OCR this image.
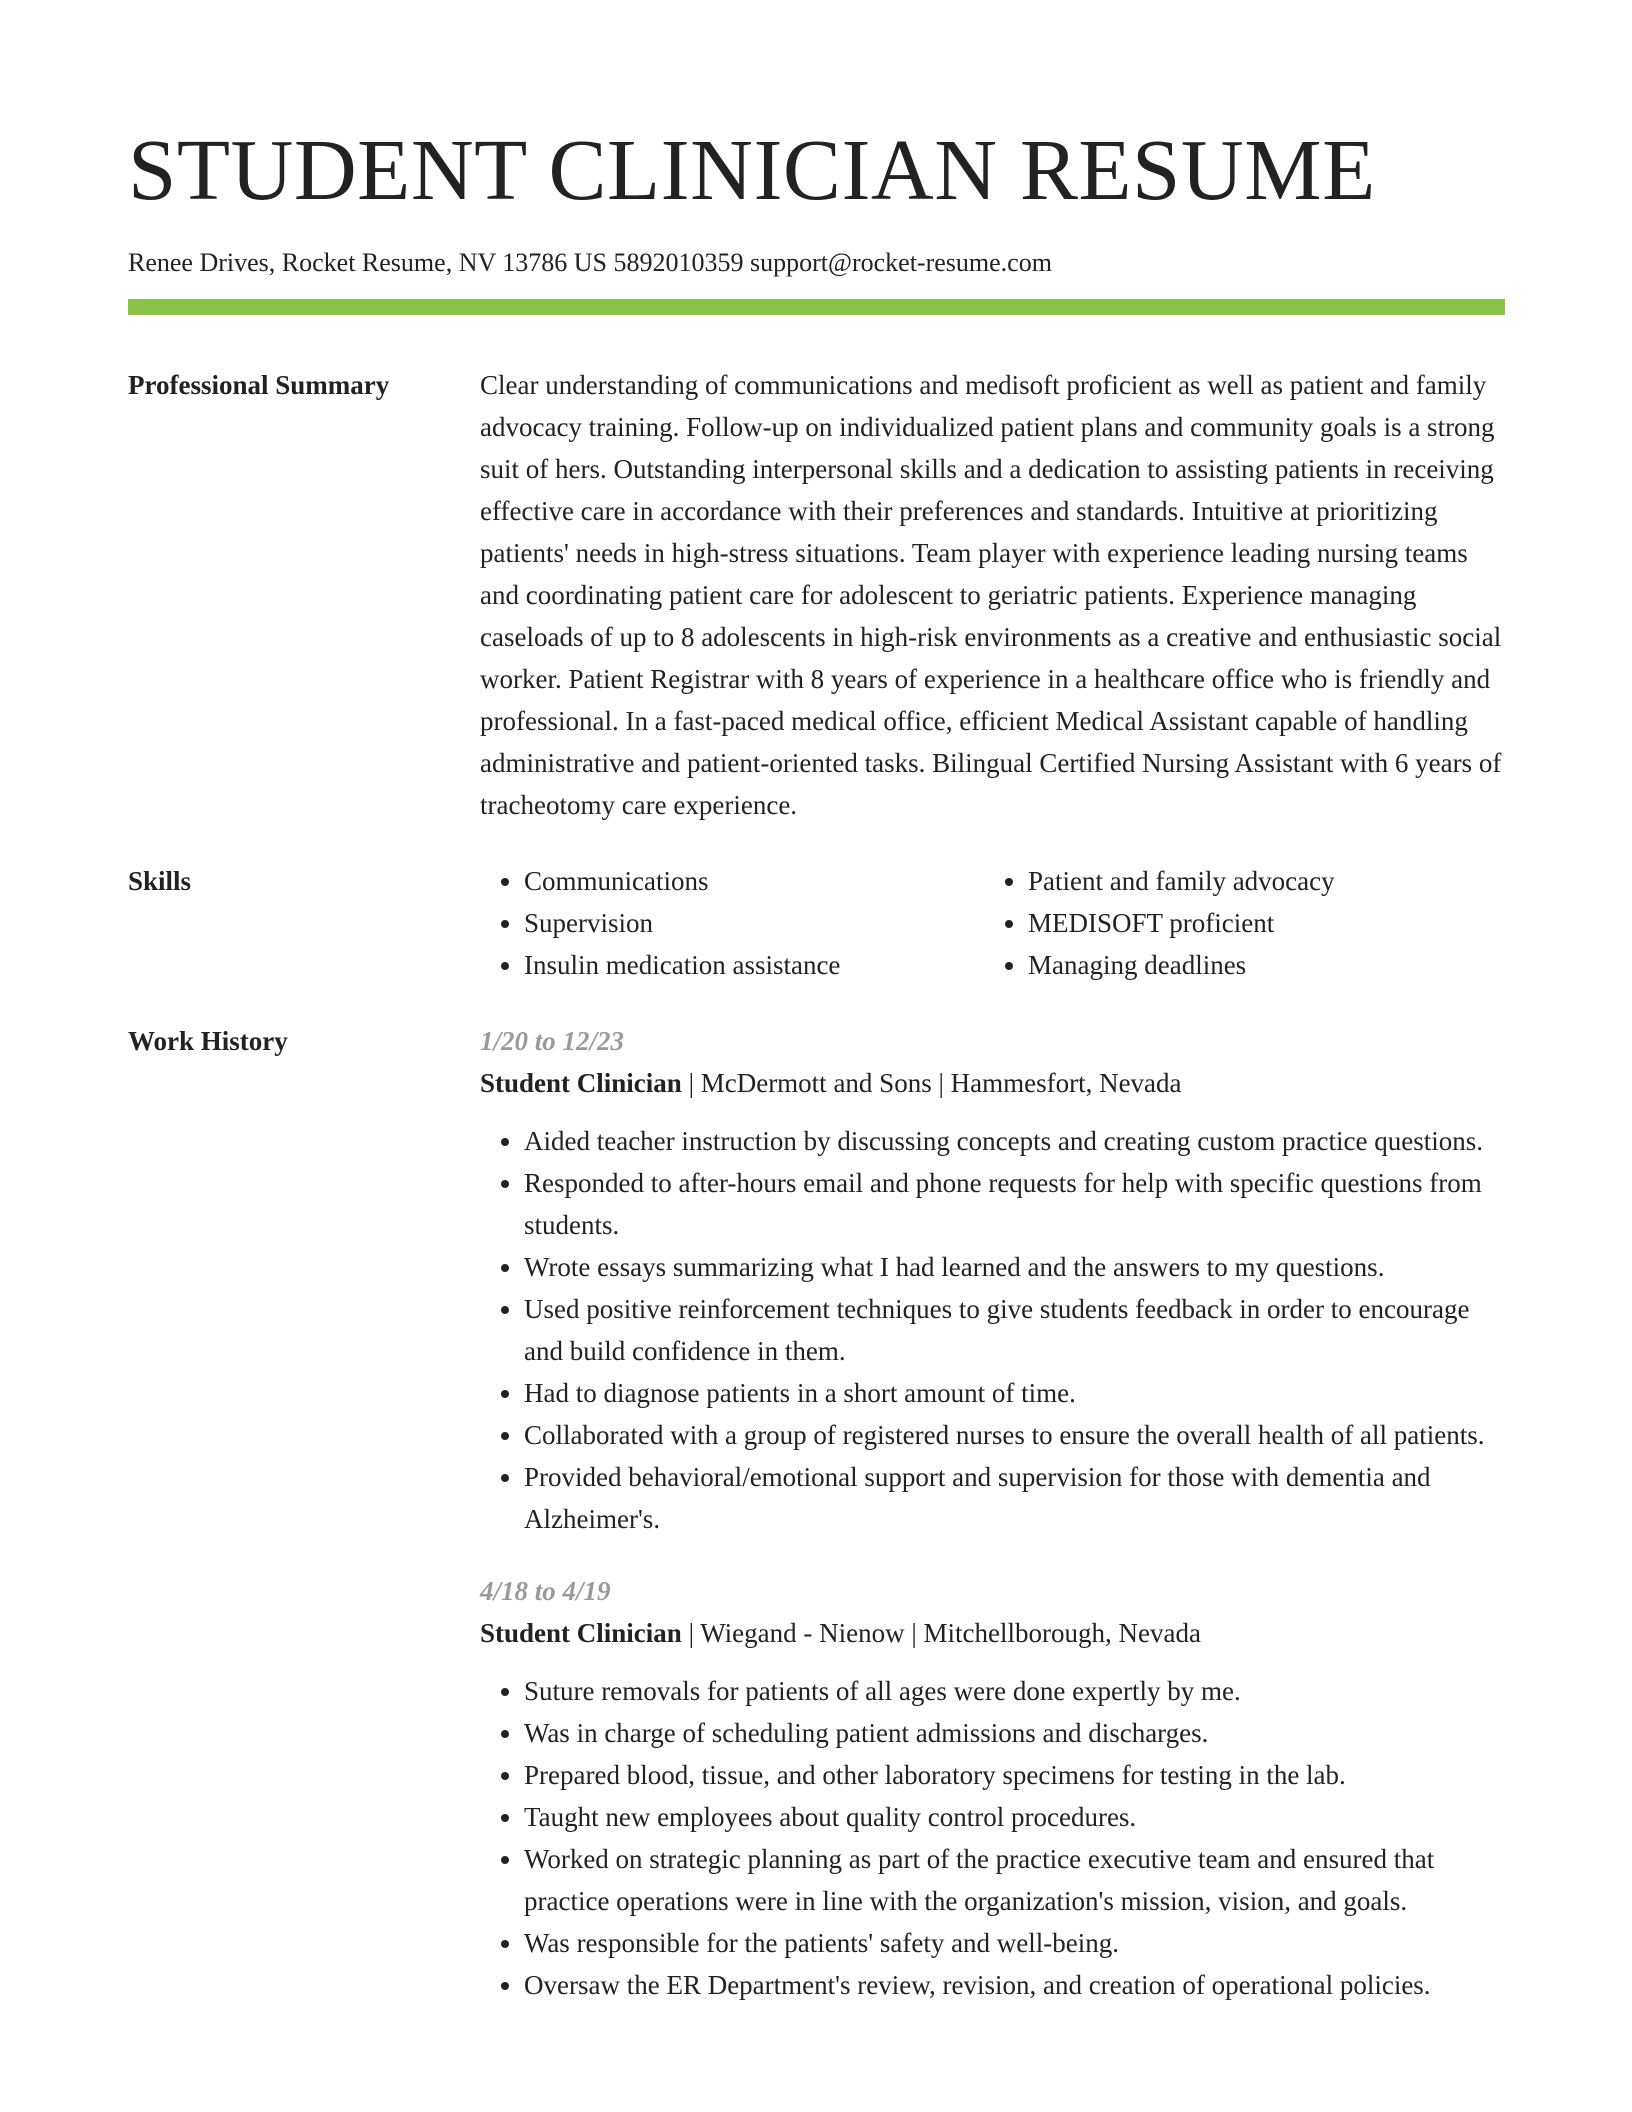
STUDENT CLINICIAN RESUME
Renee Drives, Rocket Resume, NV 13786 US 5892010359 support@rocket-resume.com
Professional Summary	Clear understanding of communications and medisoft proficient as well as patient and family advocacy training. Follow-up on individualized patient plans and community goals is a strong suit of hers. Outstanding interpersonal skills and a dedication to assisting patients in receiving effective care in accordance with their preferences and standards. Intuitive at prioritizing patients' needs in high-stress situations. Team player with experience leading nursing teams and coordinating patient care for adolescent to geriatric patients. Experience managing caseloads of up to 8 adolescents in high-risk environments as a creative and enthusiastic social worker. Patient Registrar with 8 years of experience in a healthcare office who is friendly and professional. In a fast-paced medical office, efficient Medical Assistant capable of handling administrative and patient-oriented tasks. Bilingual Certified Nursing Assistant with 6 years of tracheotomy care experience.

Skills
•	Communications
• Supervision
• Insulin medication assistance
• Patient and family advocacy
• MEDISOFT proficient
• Managing deadlines
Work History	1/20 to 12/23
Student Clinician | McDermott and Sons | Hammesfort, Nevada
• Aided teacher instruction by discussing concepts and creating custom practice questions.
• Responded to after-hours email and phone requests for help with specific questions from students.
• Wrote essays summarizing what I had learned and the answers to my questions.
• Used positive reinforcement techniques to give students feedback in order to encourage and build confidence in them.
• Had to diagnose patients in a short amount of time.
• Collaborated with a group of registered nurses to ensure the overall health of all patients.
• Provided behavioral/emotional support and supervision for those with dementia and Alzheimer's.
4/18 to 4/19
Student Clinician | Wiegand - Nienow | Mitchellborough, Nevada
• Suture removals for patients of all ages were done expertly by me.
• Was in charge of scheduling patient admissions and discharges.
• Prepared blood, tissue, and other laboratory specimens for testing in the lab.
• Taught new employees about quality control procedures.
• Worked on strategic planning as part of the practice executive team and ensured that practice operations were in line with the organization's mission, vision, and goals.
• Was responsible for the patients' safety and well-being.
• Oversaw the ER Department's review, revision, and creation of operational policies.
